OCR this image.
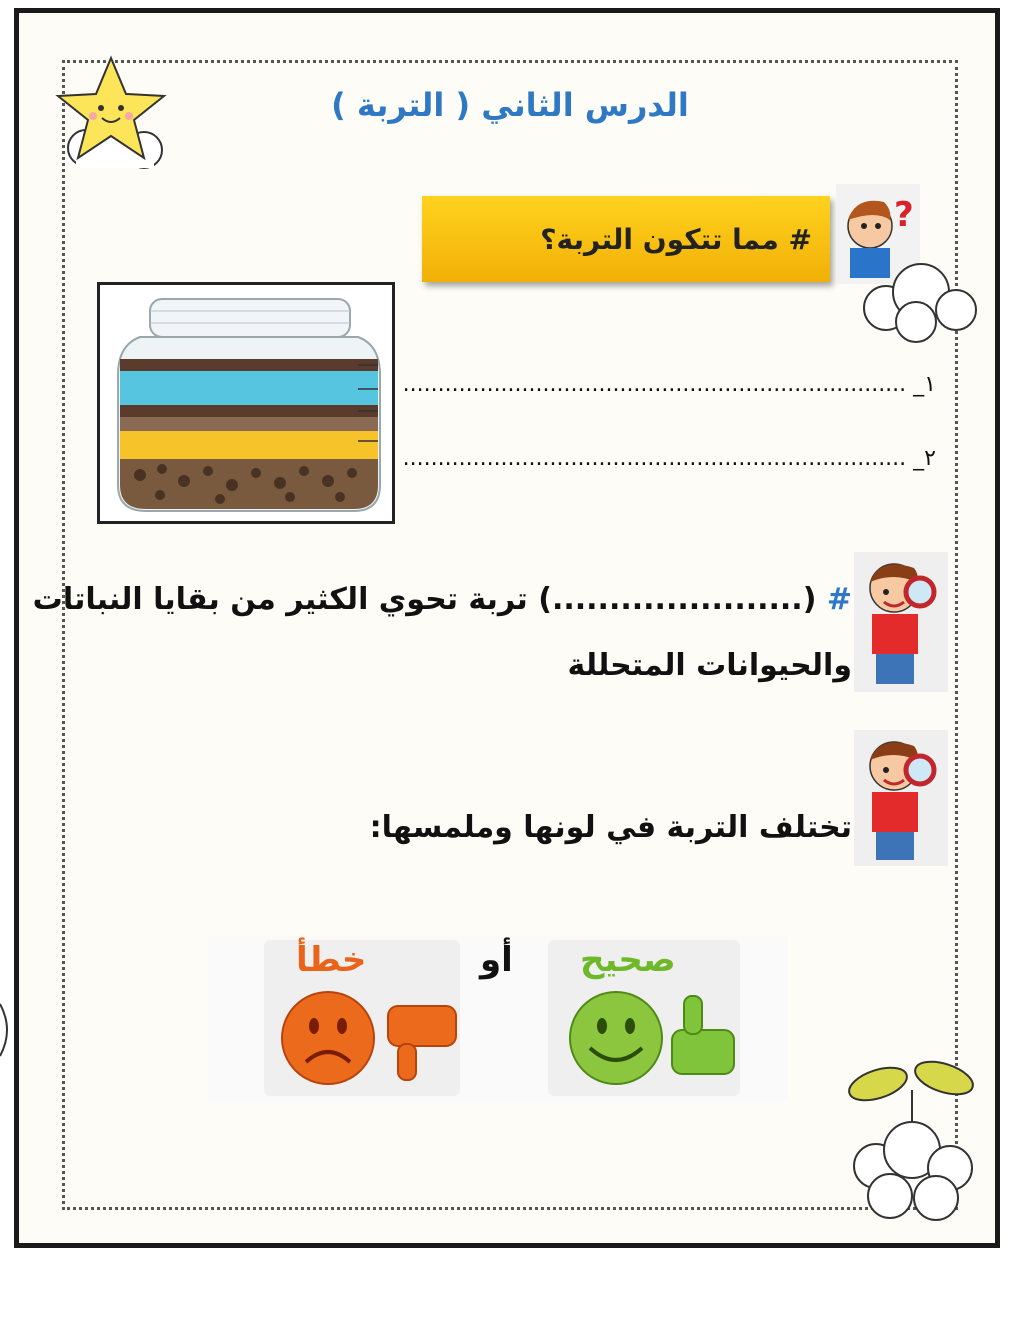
الدرس الثاني ( التربة )
# مما تتكون التربة؟
?
١_ ........................................................................
٢_ ........................................................................
# (......................) تربة تحوي الكثير من بقايا النباتات
والحيوانات المتحللة
تختلف التربة في لونها وملمسها:
خطأ	أو صحيح
